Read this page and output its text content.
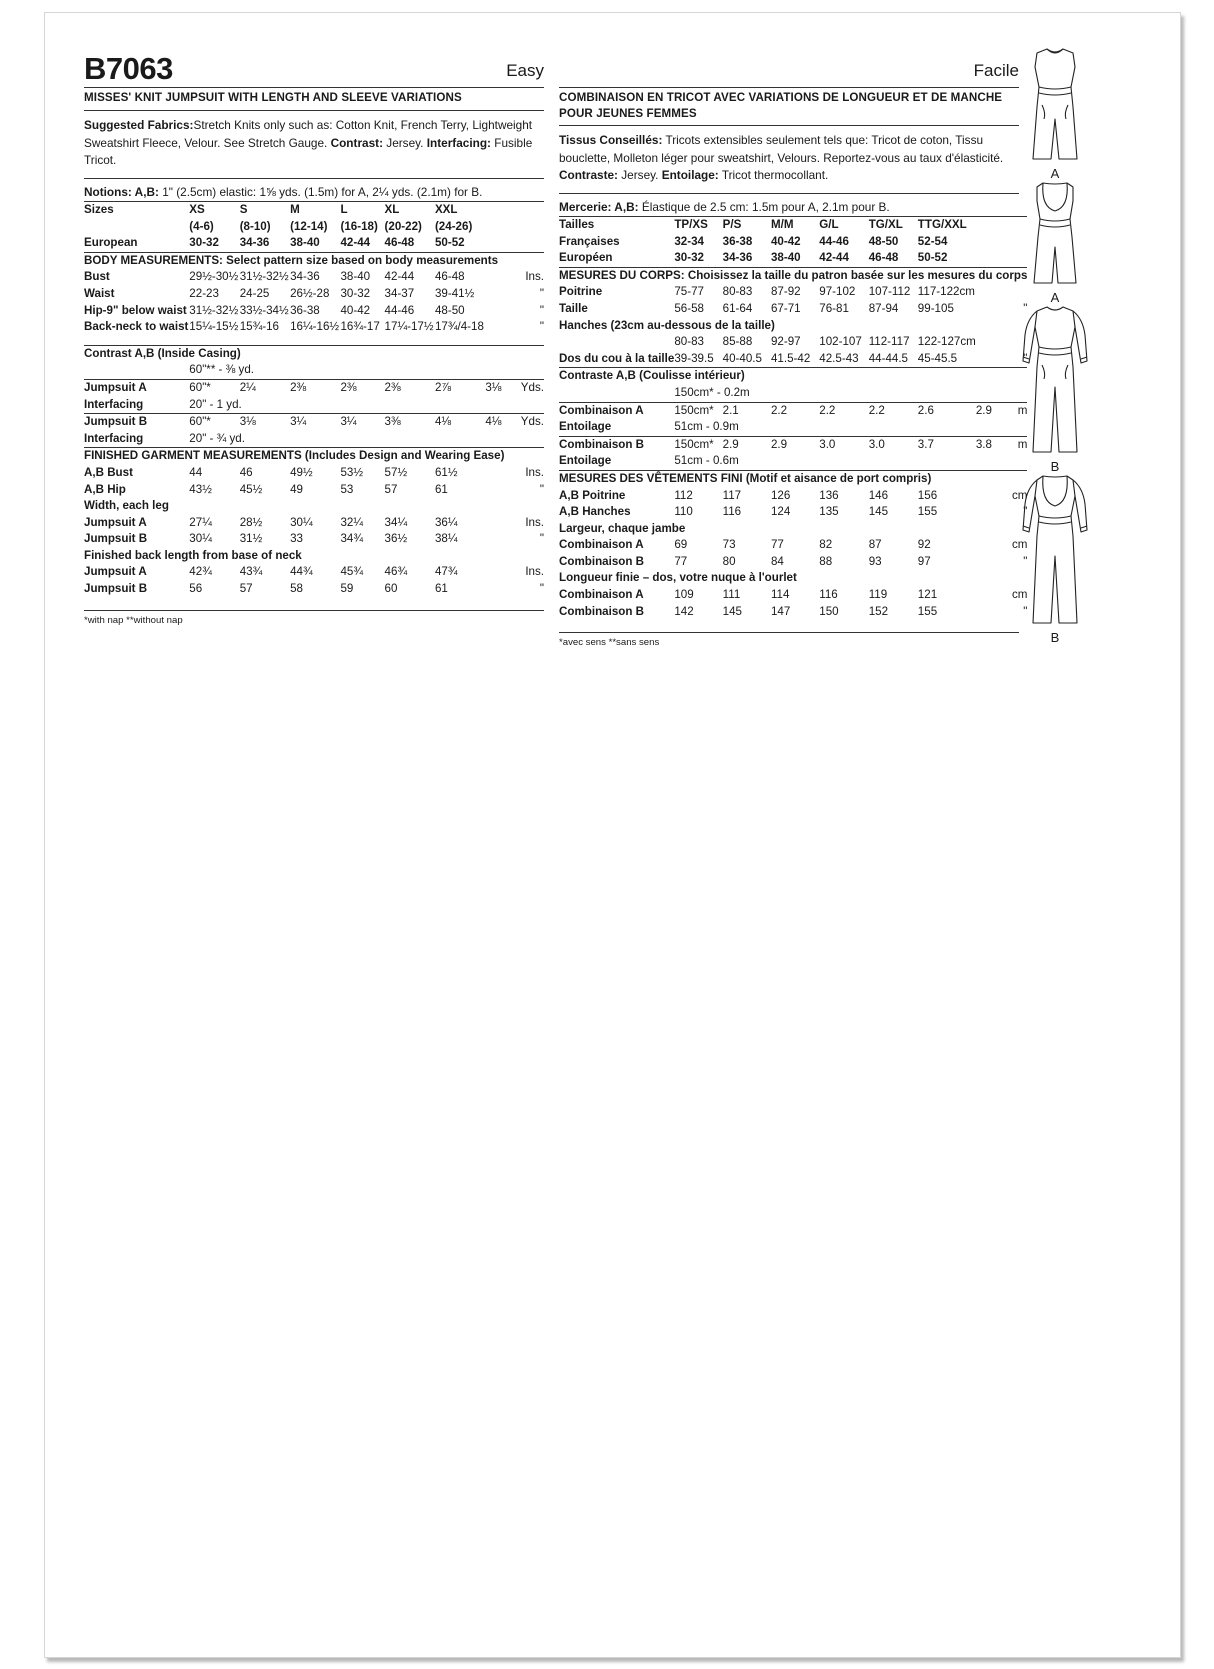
B7063	Easy
MISSES' KNIT JUMPSUIT WITH LENGTH AND SLEEVE VARIATIONS
Suggested Fabrics:Stretch Knits only such as: Cotton Knit, French Terry, Lightweight Sweatshirt Fleece, Velour. See Stretch Gauge. Contrast: Jersey. Interfacing: Fusible Tricot.
Notions: A,B: 1" (2.5cm) elastic: 1⅝ yds. (1.5m) for A, 2¼ yds. (2.1m) for B.
Sizes	XS	S	M	L	XL	XXL	
	(4-6)	(8-10)	(12-14)	(16-18)	(20-22)	(24-26)	
European	30-32	34-36	38-40	42-44	46-48	50-52	
BODY MEASUREMENTS: Select pattern size based on body measurements							
Bust	29½-30½	31½-32½	34-36	38-40	42-44	46-48	Ins.
Waist	22-23	24-25	26½-28	30-32	34-37	39-41½	"
Hip-9" below waist	31½-32½	33½-34½	36-38	40-42	44-46	48-50	"
Back-neck to waist	15¼-15½	15¾-16	16¼-16½	16¾-17	17¼-17½	17¾/4-18	"

Contrast A,B (Inside Casing)							
	60"** - ⅜ yd.						
Jumpsuit A	60"*	2¼	2⅜	2⅜	2⅜	2⅞	3⅛ Yds.
Interfacing	20" - 1 yd.						
Jumpsuit B	60"*	3⅛	3¼	3¼	3⅜	4⅛	4⅛ Yds.
Interfacing	20" - ¾ yd.						
FINISHED GARMENT MEASUREMENTS (Includes Design and Wearing Ease)							
A,B Bust	44	46	49½	53½	57½	61½	Ins.
A,B Hip	43½	45½	49	53	57	61	"
Width, each leg							
Jumpsuit A	27¼	28½	30¼	32¼	34¼	36¼	Ins.
Jumpsuit B	30¼	31½	33	34¾	36½	38¼	"
Finished back length from base of neck							
Jumpsuit A	42¾	43¾	44¾	45¾	46¾	47¾	Ins.
Jumpsuit B	56	57	58	59	60	61	"

*with nap **without nap
Facile
COMBINAISON EN TRICOT AVEC VARIATIONS DE LONGUEUR ET DE MANCHE POUR JEUNES FEMMES
Tissus Conseillés: Tricots extensibles seulement tels que: Tricot de coton, Tissu bouclette, Molleton léger pour sweatshirt, Velours. Reportez-vous au taux d'élasticité. Contraste: Jersey. Entoilage: Tricot thermocollant.
Mercerie: A,B: Élastique de 2.5 cm: 1.5m pour A, 2.1m pour B.
Tailles	TP/XS	P/S	M/M	G/L	TG/XL	TTG/XXL	
Françaises	32-34	36-38	40-42	44-46	48-50	52-54	
Européen	30-32	34-36	38-40	42-44	46-48	50-52	
MESURES DU CORPS: Choisissez la taille du patron basée sur les mesures du corps							
Poitrine	75-77	80-83	87-92	97-102	107-112	117-122cm	
Taille	56-58	61-64	67-71	76-81	87-94	99-105	"
Hanches (23cm au-dessous de la taille)							
	80-83	85-88	92-97	102-107	112-117	122-127cm	
Dos du cou à la taille	39-39.5	40-40.5	41.5-42	42.5-43	44-44.5	45-45.5	"
Contraste A,B (Coulisse intérieur)							
	150cm* - 0.2m						
Combinaison A	150cm*	2.1	2.2	2.2	2.2	2.6	2.9 m
Entoilage	51cm - 0.9m						
Combinaison B	150cm*	2.9	2.9	3.0	3.0	3.7	3.8 m
Entoilage	51cm - 0.6m						
MESURES DES VÊTEMENTS FINI (Motif et aisance de port compris)							
A,B Poitrine	112	117	126	136	146	156	cm
A,B Hanches	110	116	124	135	145	155	"
Largeur, chaque jambe							
Combinaison A	69	73	77	82	87	92	cm
Combinaison B	77	80	84	88	93	97	"
Longueur finie – dos, votre nuque à l'ourlet							
Combinaison A	109	111	114	116	119	121	cm
Combinaison B	142	145	147	150	152	155	"

*avec sens **sans sens
A
A
B
B
